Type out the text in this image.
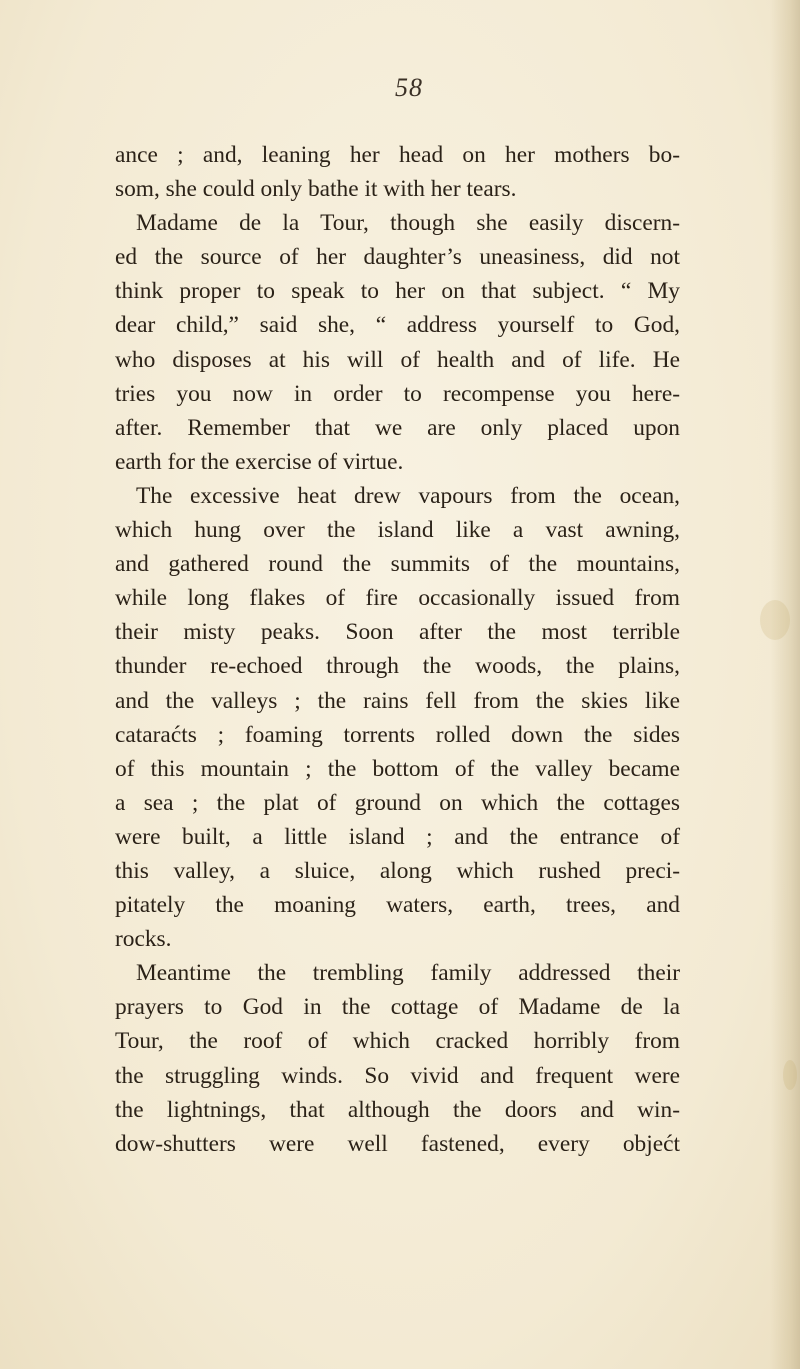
58
ance ; and, leaning her head on her mothers bo-
som, she could only bathe it with her tears.
Madame de la Tour, though she easily discern-
ed the source of her daughter’s uneasiness, did not
think proper to speak to her on that subject. “ My
dear child,” said she, “ address yourself to God,
who disposes at his will of health and of life. He
tries you now in order to recompense you here-
after. Remember that we are only placed upon
earth for the exercise of virtue.
The excessive heat drew vapours from the ocean,
which hung over the island like a vast awning,
and gathered round the summits of the mountains,
while long flakes of fire occasionally issued from
their misty peaks. Soon after the most terrible
thunder re-echoed through the woods, the plains,
and the valleys ; the rains fell from the skies like
cataraćts ; foaming torrents rolled down the sides
of this mountain ; the bottom of the valley became
a sea ; the plat of ground on which the cottages
were built, a little island ; and the entrance of
this valley, a sluice, along which rushed preci-
pitately the moaning waters, earth, trees, and
rocks.
Meantime the trembling family addressed their
prayers to God in the cottage of Madame de la
Tour, the roof of which cracked horribly from
the struggling winds. So vivid and frequent were
the lightnings, that although the doors and win-
dow-shutters were well fastened, every objećt
